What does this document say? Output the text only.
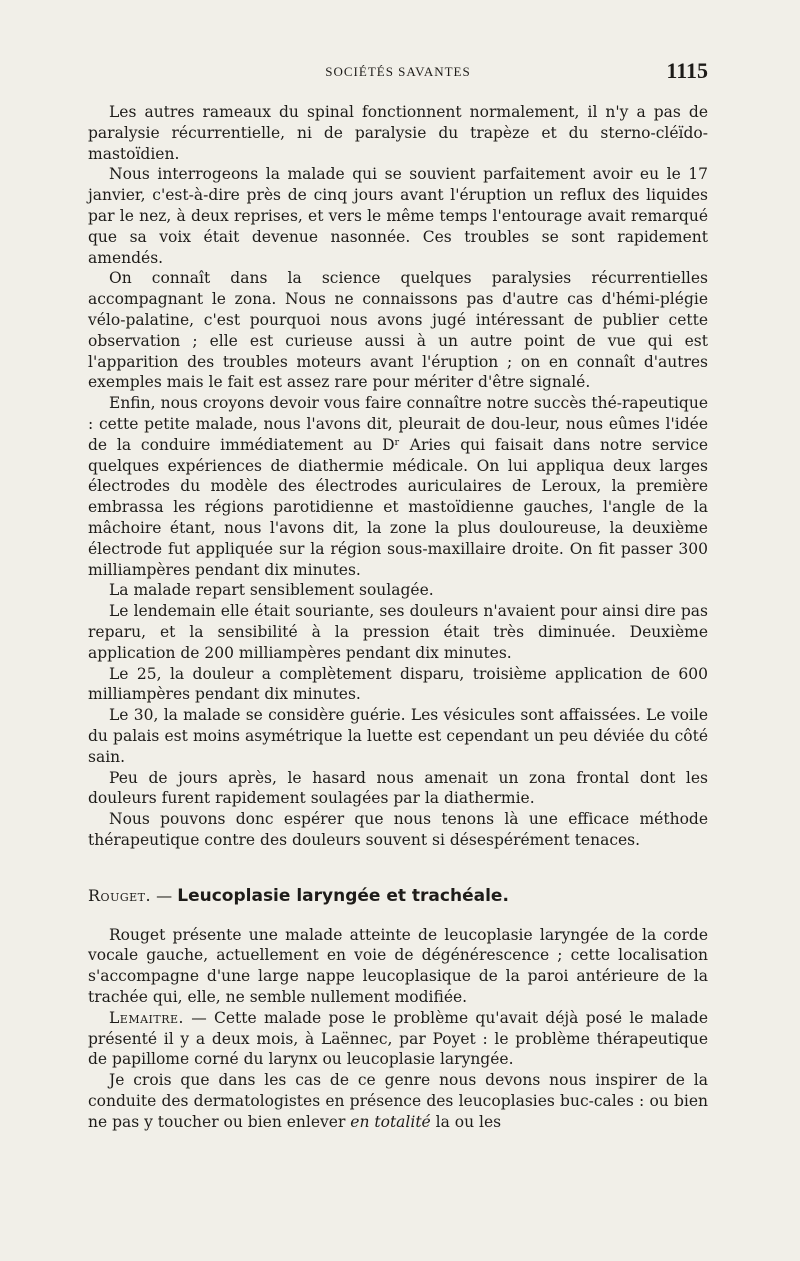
SOCIÉTÉS SAVANTES	1115

Les autres rameaux du spinal fonctionnent normalement, il n'y a pas de paralysie récurrentielle, ni de paralysie du trapèze et du sterno-cléïdo-mastoïdien.

Nous interrogeons la malade qui se souvient parfaitement avoir eu le 17 janvier, c'est-à-dire près de cinq jours avant l'éruption un reflux des liquides par le nez, à deux reprises, et vers le même temps l'entourage avait remarqué que sa voix était devenue nasonnée. Ces troubles se sont rapidement amendés.

On connaît dans la science quelques paralysies récurrentielles accompagnant le zona. Nous ne connaissons pas d'autre cas d'hémi-plégie vélo-palatine, c'est pourquoi nous avons jugé intéressant de publier cette observation ; elle est curieuse aussi à un autre point de vue qui est l'apparition des troubles moteurs avant l'éruption ; on en connaît d'autres exemples mais le fait est assez rare pour mériter d'être signalé.

Enfin, nous croyons devoir vous faire connaître notre succès thé-rapeutique : cette petite malade, nous l'avons dit, pleurait de dou-leur, nous eûmes l'idée de la conduire immédiatement au Dʳ Aries qui faisait dans notre service quelques expériences de diathermie médicale. On lui appliqua deux larges électrodes du modèle des électrodes auriculaires de Leroux, la première embrassa les régions parotidienne et mastoïdienne gauches, l'angle de la mâchoire étant, nous l'avons dit, la zone la plus douloureuse, la deuxième électrode fut appliquée sur la région sous-maxillaire droite. On fit passer 300 milliampères pendant dix minutes.

La malade repart sensiblement soulagée.

Le lendemain elle était souriante, ses douleurs n'avaient pour ainsi dire pas reparu, et la sensibilité à la pression était très diminuée. Deuxième application de 200 milliampères pendant dix minutes.

Le 25, la douleur a complètement disparu, troisième application de 600 milliampères pendant dix minutes.

Le 30, la malade se considère guérie. Les vésicules sont affaissées. Le voile du palais est moins asymétrique la luette est cependant un peu déviée du côté sain.

Peu de jours après, le hasard nous amenait un zona frontal dont les douleurs furent rapidement soulagées par la diathermie.

Nous pouvons donc espérer que nous tenons là une efficace méthode thérapeutique contre des douleurs souvent si désespérément tenaces.

Rouget. — Leucoplasie laryngée et trachéale.

Rouget présente une malade atteinte de leucoplasie laryngée de la corde vocale gauche, actuellement en voie de dégénérescence ; cette localisation s'accompagne d'une large nappe leucoplasique de la paroi antérieure de la trachée qui, elle, ne semble nullement modifiée.

Lemaitre. — Cette malade pose le problème qu'avait déjà posé le malade présenté il y a deux mois, à Laënnec, par Poyet : le problème thérapeutique de papillome corné du larynx ou leucoplasie laryngée.

Je crois que dans les cas de ce genre nous devons nous inspirer de la conduite des dermatologistes en présence des leucoplasies buc-cales : ou bien ne pas y toucher ou bien enlever en totalité la ou les
